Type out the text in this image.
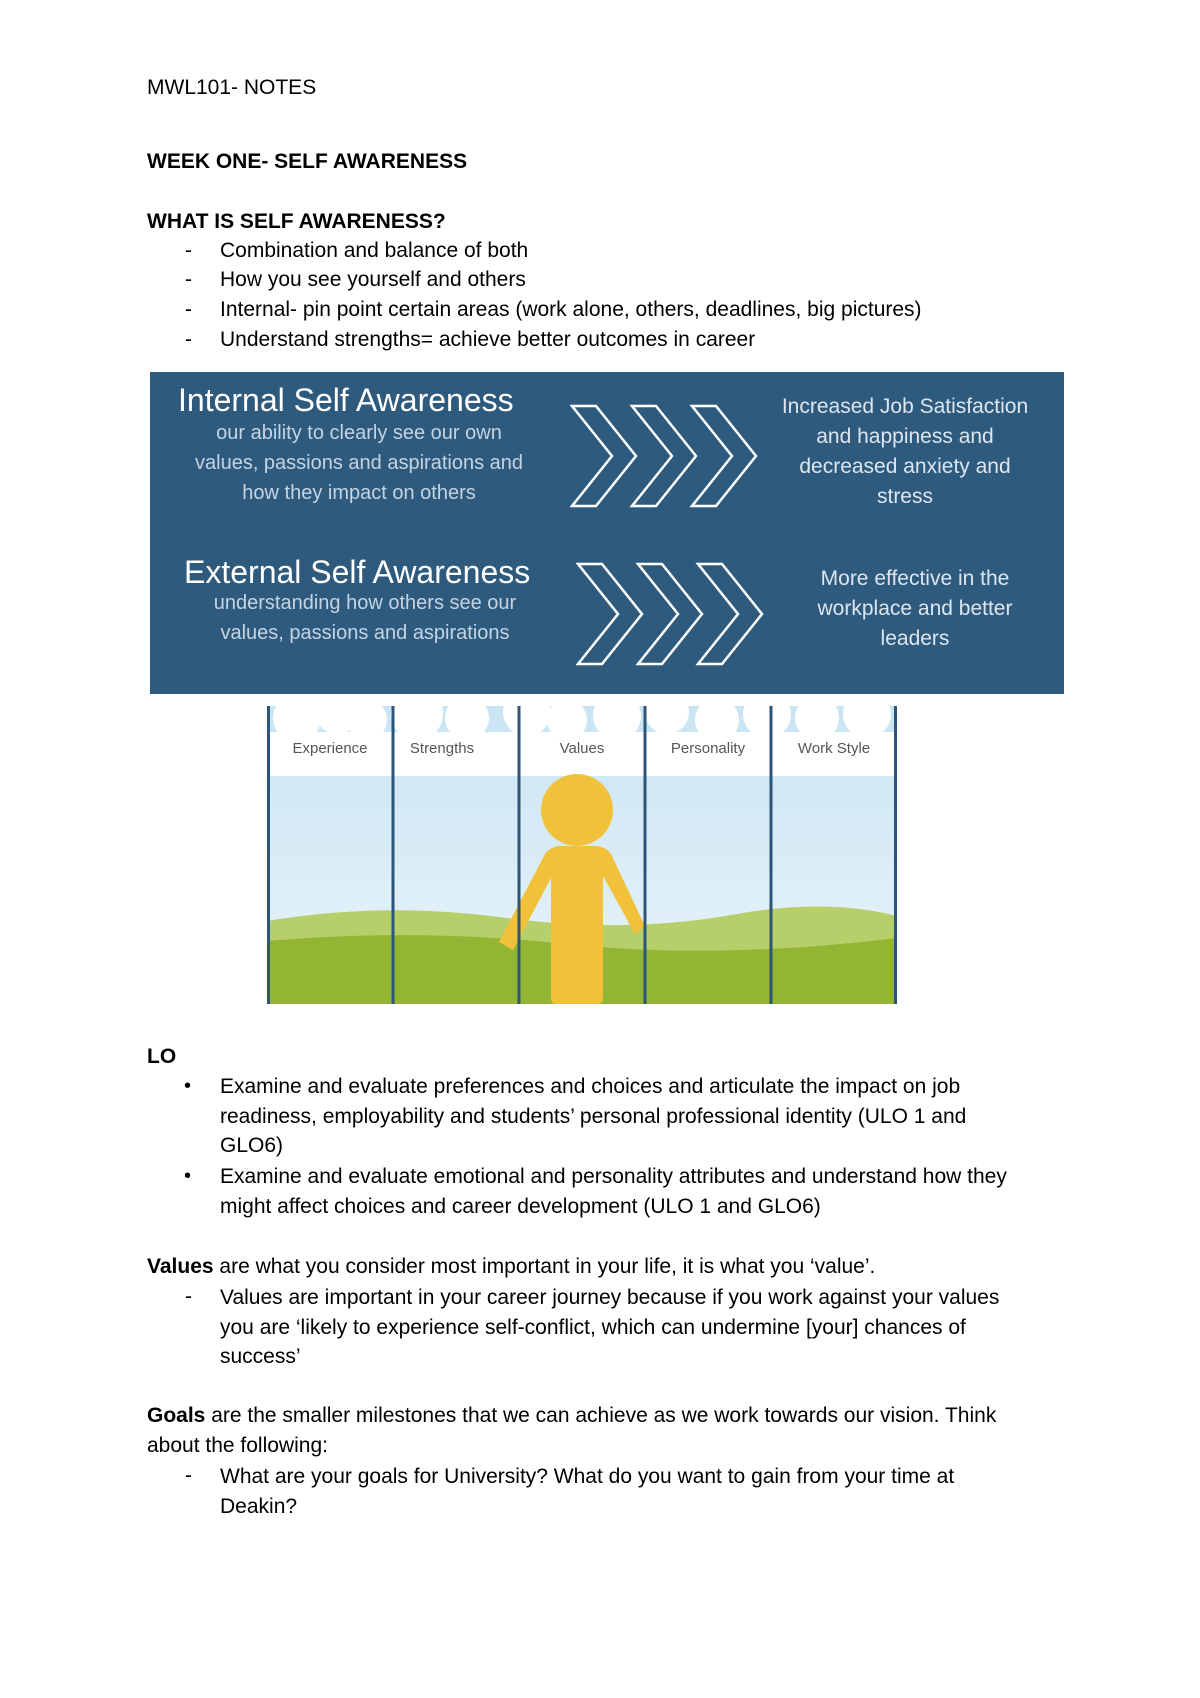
MWL101- NOTES
WEEK ONE- SELF AWARENESS
WHAT IS SELF AWARENESS?
- Combination and balance of both
- How you see yourself and others
- Internal- pin point certain areas (work alone, others, deadlines, big pictures)
- Understand strengths= achieve better outcomes in career
Internal Self Awareness
our ability to clearly see our own
values, passions and aspirations and
how they impact on others
Increased Job Satisfaction
and happiness and
decreased anxiety and
stress
External Self Awareness
understanding how others see our
values, passions and aspirations
More effective in the
workplace and better
leaders
Experience	Strengths	Values	Personality	Work Style
LO
• Examine and evaluate preferences and choices and articulate the impact on job
readiness, employability and students’ personal professional identity (ULO 1 and
GLO6)
• Examine and evaluate emotional and personality attributes and understand how they
might affect choices and career development (ULO 1 and GLO6)
Values are what you consider most important in your life, it is what you ‘value’.
- Values are important in your career journey because if you work against your values
you are ‘likely to experience self-conflict, which can undermine [your] chances of
success’
Goals are the smaller milestones that we can achieve as we work towards our vision. Think
about the following:
- What are your goals for University? What do you want to gain from your time at
Deakin?
